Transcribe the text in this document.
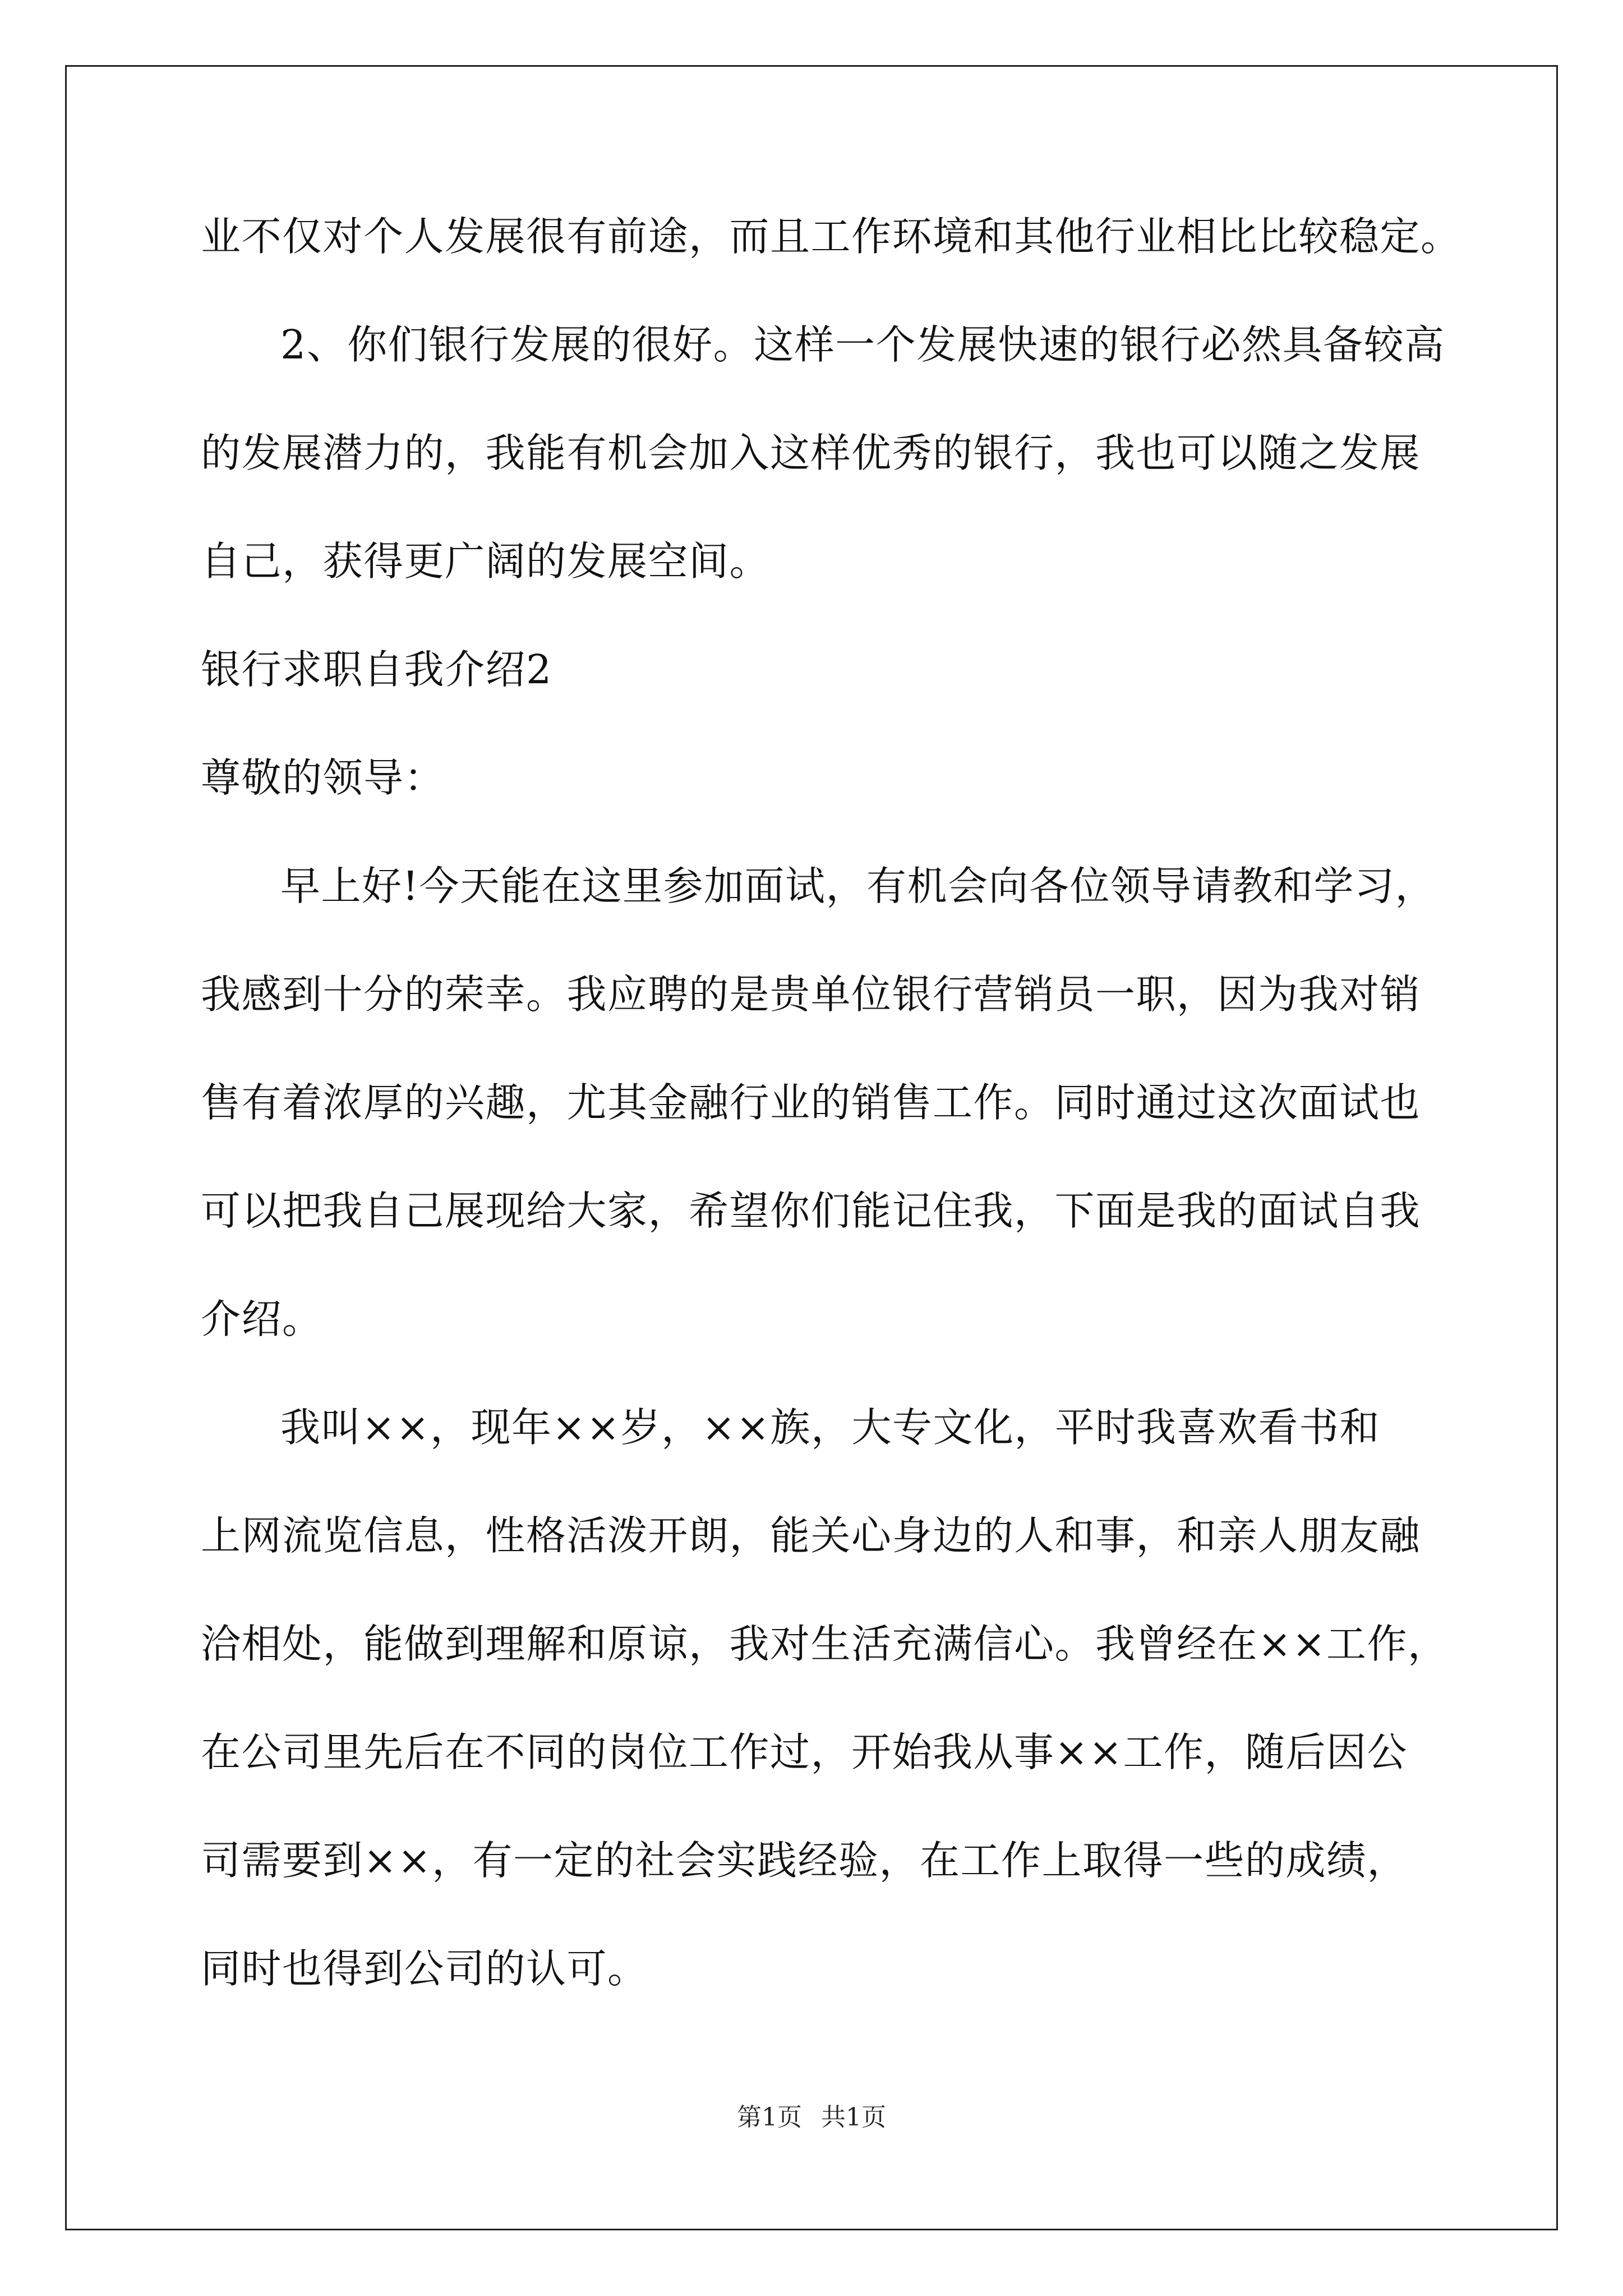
业不仅对个人发展很有前途，而且工作环境和其他行业相比比较稳定。
2、你们银行发展的很好。这样一个发展快速的银行必然具备较高
的发展潜力的，我能有机会加入这样优秀的银行，我也可以随之发展
自己，获得更广阔的发展空间。
银行求职自我介绍2
尊敬的领导：
早上好!今天能在这里参加面试，有机会向各位领导请教和学习，
我感到十分的荣幸。我应聘的是贵单位银行营销员一职，因为我对销
售有着浓厚的兴趣，尤其金融行业的销售工作。同时通过这次面试也
可以把我自己展现给大家，希望你们能记住我，下面是我的面试自我
介绍。
我叫××，现年××岁，××族，大专文化，平时我喜欢看书和
上网流览信息，性格活泼开朗，能关心身边的人和事，和亲人朋友融
洽相处，能做到理解和原谅，我对生活充满信心。我曾经在××工作，
在公司里先后在不同的岗位工作过，开始我从事××工作，随后因公
司需要到××，有一定的社会实践经验，在工作上取得一些的成绩，
同时也得到公司的认可。
第1页 共1页
